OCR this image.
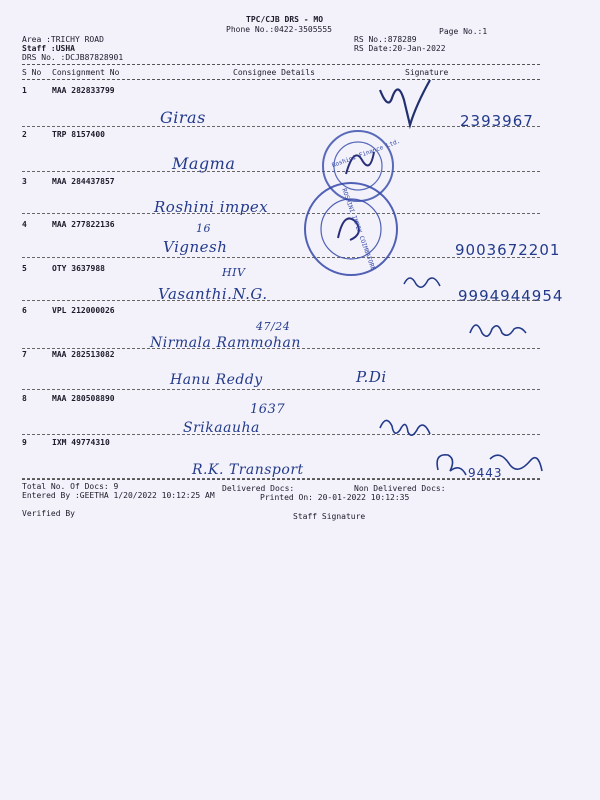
TPC/CJB DRS - MO
Phone No.:0422-3505555	Page No.:1
Area :TRICHY ROAD	RS No.:878289
Staff :USHA	RS Date:20-Jan-2022
DRS No. :DCJB87828901
S No Consignment No	Consignee Details	Signature
1	MAA 282833799
Giras	2393967
2	TRP 8157400
Magma
3	MAA 284437857
Roshini impex
4	MAA 277822136	16
Vignesh	9003672201
5	OTY 3637988	HIV
Vasanthi.N.G.	9994944954
6	VPL 212000026
47/24
Nirmala Rammohan
7	MAA 282513082
Hanu Reddy	P.Di
8	MAA 280508890
1637
Srikaauha
9	IXM 49774310
R.K. Transport	9443
Roshini Finance Ltd.
ROSHINI IMPEX COIMBATORE
Total No. Of Docs: 9	Delivered Docs:	Non Delivered Docs:
Entered By :GEETHA 1/20/2022 10:12:25 AM	Printed On: 20-01-2022 10:12:35
Verified By	Staff Signature
